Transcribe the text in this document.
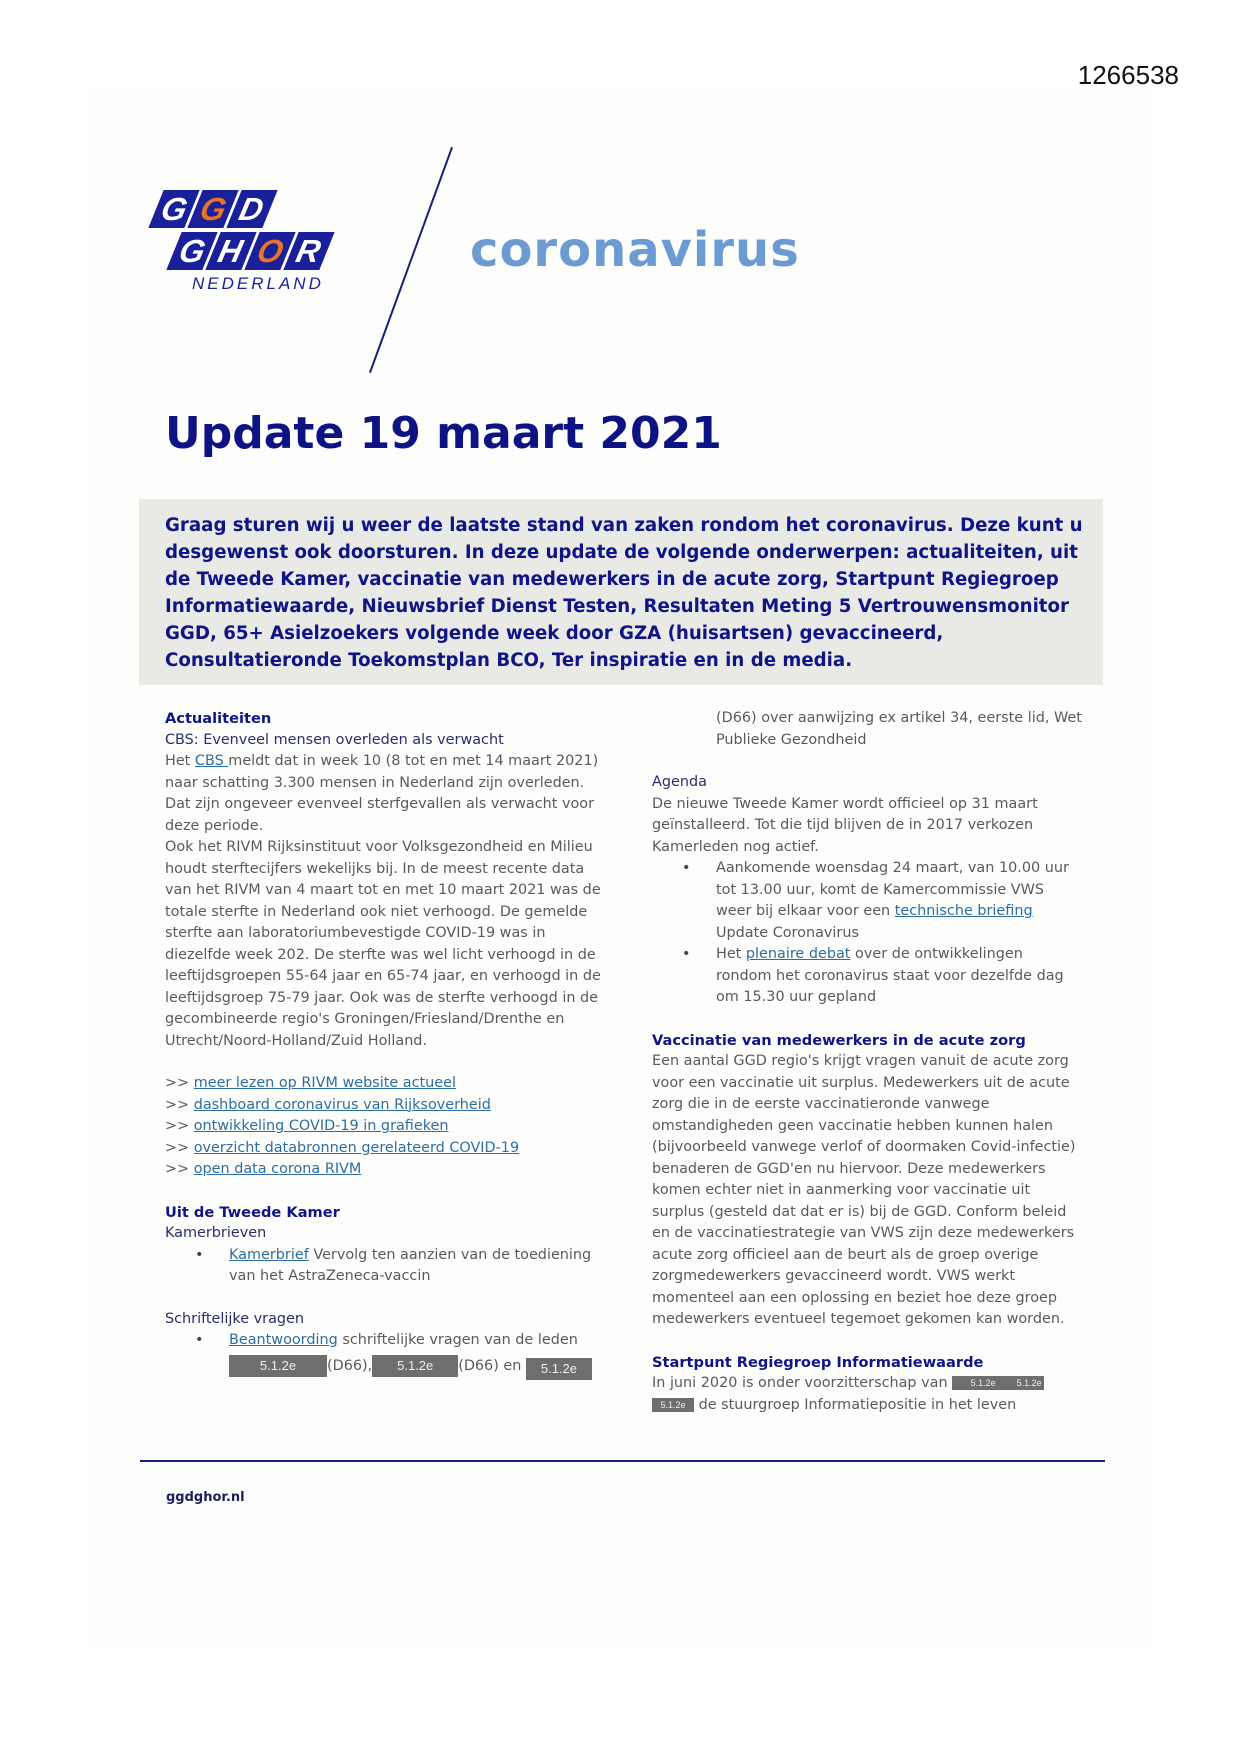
1266538
G G D
G H O R
NEDERLAND
coronavirus
Update 19 maart 2021
Graag sturen wij u weer de laatste stand van zaken rondom het coronavirus. Deze kunt u desgewenst ook doorsturen. In deze update de volgende onderwerpen: actualiteiten, uit de Tweede Kamer, vaccinatie van medewerkers in de acute zorg, Startpunt Regiegroep Informatiewaarde, Nieuwsbrief Dienst Testen, Resultaten Meting 5 Vertrouwensmonitor GGD, 65+ Asielzoekers volgende week door GZA (huisartsen) gevaccineerd, Consultatieronde Toekomstplan BCO, Ter inspiratie en in de media.
Actualiteiten
CBS: Evenveel mensen overleden als verwacht
Het CBS meldt dat in week 10 (8 tot en met 14 maart 2021) naar schatting 3.300 mensen in Nederland zijn overleden. Dat zijn ongeveer evenveel sterfgevallen als verwacht voor deze periode.
Ook het RIVM Rijksinstituut voor Volksgezondheid en Milieu houdt sterftecijfers wekelijks bij. In de meest recente data van het RIVM van 4 maart tot en met 10 maart 2021 was de totale sterfte in Nederland ook niet verhoogd. De gemelde sterfte aan laboratoriumbevestigde COVID-19 was in diezelfde week 202. De sterfte was wel licht verhoogd in de leeftijdsgroepen 55-64 jaar en 65-74 jaar, en verhoogd in de leeftijdsgroep 75-79 jaar. Ook was de sterfte verhoogd in de gecombineerde regio's Groningen/Friesland/Drenthe en Utrecht/Noord-Holland/Zuid Holland.
>> meer lezen op RIVM website actueel
>> dashboard coronavirus van Rijksoverheid
>> ontwikkeling COVID-19 in grafieken
>> overzicht databronnen gerelateerd COVID-19
>> open data corona RIVM
Uit de Tweede Kamer
Kamerbrieven
• Kamerbrief Vervolg ten aanzien van de toediening van het AstraZeneca-vaccin
Schriftelijke vragen
• Beantwoording schriftelijke vragen van de leden
5.1.2e (D66), 5.1.2e (D66) en 5.1.2e
(D66) over aanwijzing ex artikel 34, eerste lid, Wet Publieke Gezondheid
Agenda
De nieuwe Tweede Kamer wordt officieel op 31 maart geïnstalleerd. Tot die tijd blijven de in 2017 verkozen Kamerleden nog actief.
• Aankomende woensdag 24 maart, van 10.00 uur tot 13.00 uur, komt de Kamercommissie VWS weer bij elkaar voor een technische briefing Update Coronavirus
• Het plenaire debat over de ontwikkelingen rondom het coronavirus staat voor dezelfde dag om 15.30 uur gepland
Vaccinatie van medewerkers in de acute zorg
Een aantal GGD regio's krijgt vragen vanuit de acute zorg voor een vaccinatie uit surplus. Medewerkers uit de acute zorg die in de eerste vaccinatieronde vanwege omstandigheden geen vaccinatie hebben kunnen halen (bijvoorbeeld vanwege verlof of doormaken Covid-infectie) benaderen de GGD'en nu hiervoor. Deze medewerkers komen echter niet in aanmerking voor vaccinatie uit surplus (gesteld dat dat er is) bij de GGD. Conform beleid en de vaccinatiestrategie van VWS zijn deze medewerkers acute zorg officieel aan de beurt als de groep overige zorgmedewerkers gevaccineerd wordt. VWS werkt momenteel aan een oplossing en beziet hoe deze groep medewerkers eventueel tegemoet gekomen kan worden.
Startpunt Regiegroep Informatiewaarde
In juni 2020 is onder voorzitterschap van 5.1.2e 5.1.2e
5.1.2e de stuurgroep Informatiepositie in het leven
ggdghor.nl
